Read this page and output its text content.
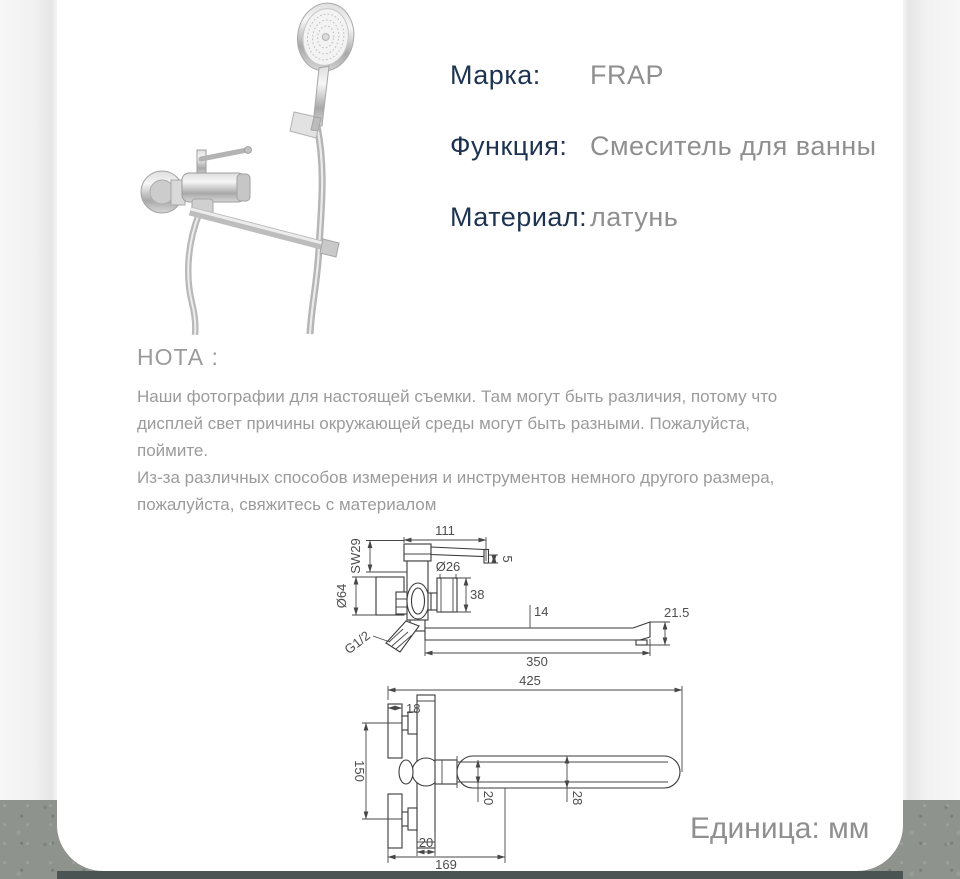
Марка: FRAP
Функция: Смеситель для ванны
Материал: латунь
НОТА :
Наши фотографии для настоящей съемки. Там могут быть различия, потому что
дисплей свет причины окружающей среды могут быть разными. Пожалуйста,
поймите.
Из-за различных способов измерения и инструментов немного другого размера,
пожалуйста, свяжитесь с материалом
111
5
SW29
Ø64
Ø26
38
G1/2
14	21.5
350
425
18
150
20	28
20
169
Единица: мм
